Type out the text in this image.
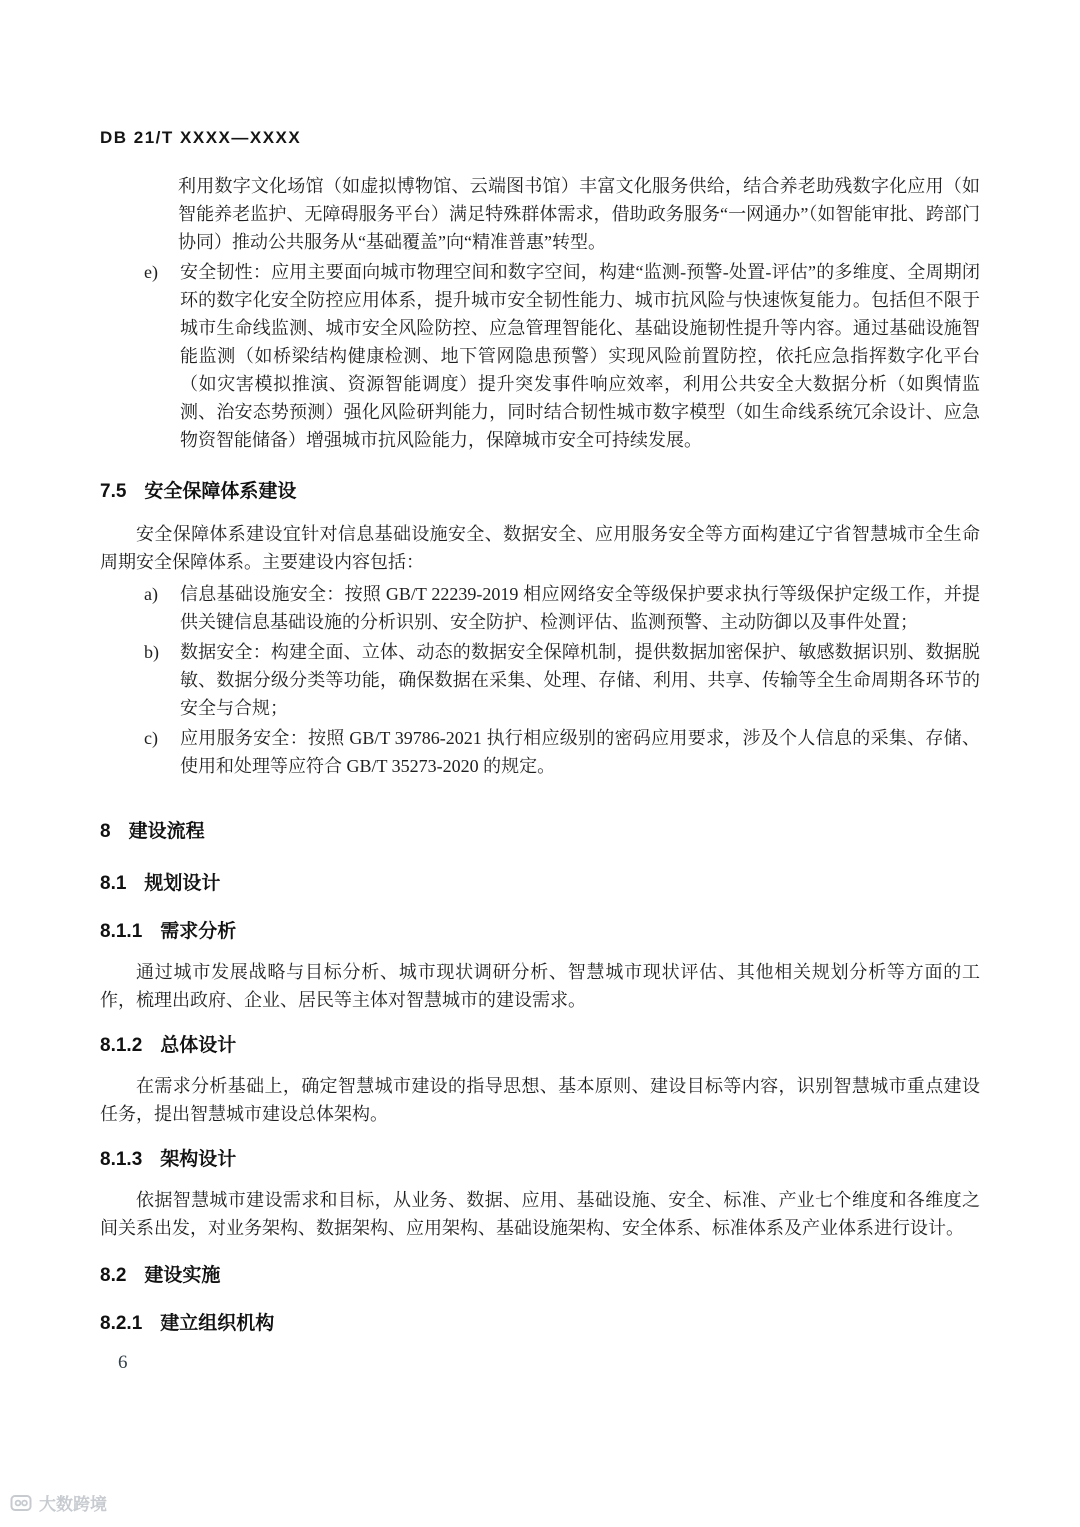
DB 21/T XXXX—XXXX

利用数字文化场馆（如虚拟博物馆、云端图书馆）丰富文化服务供给，结合养老助残数字化应用（如智能养老监护、无障碍服务平台）满足特殊群体需求，借助政务服务“一网通办”（如智能审批、跨部门协同）推动公共服务从“基础覆盖”向“精准普惠”转型。

e)	安全韧性：应用主要面向城市物理空间和数字空间，构建“监测-预警-处置-评估”的多维度、全周期闭环的数字化安全防控应用体系，提升城市安全韧性能力、城市抗风险与快速恢复能力。包括但不限于城市生命线监测、城市安全风险防控、应急管理智能化、基础设施韧性提升等内容。通过基础设施智能监测（如桥梁结构健康检测、地下管网隐患预警）实现风险前置防控，依托应急指挥数字化平台（如灾害模拟推演、资源智能调度）提升突发事件响应效率，利用公共安全大数据分析（如舆情监测、治安态势预测）强化风险研判能力，同时结合韧性城市数字模型（如生命线系统冗余设计、应急物资智能储备）增强城市抗风险能力，保障城市安全可持续发展。
7.5 安全保障体系建设

安全保障体系建设宜针对信息基础设施安全、数据安全、应用服务安全等方面构建辽宁省智慧城市全生命周期安全保障体系。主要建设内容包括：

a)	信息基础设施安全：按照 GB/T 22239-2019 相应网络安全等级保护要求执行等级保护定级工作，并提供关键信息基础设施的分析识别、安全防护、检测评估、监测预警、主动防御以及事件处置；
b)	数据安全：构建全面、立体、动态的数据安全保障机制，提供数据加密保护、敏感数据识别、数据脱敏、数据分级分类等功能，确保数据在采集、处理、存储、利用、共享、传输等全生命周期各环节的安全与合规；
c)	应用服务安全：按照 GB/T 39786-2021 执行相应级别的密码应用要求，涉及个人信息的采集、存储、使用和处理等应符合 GB/T 35273-2020 的规定。
8 建设流程
8.1 规划设计
8.1.1 需求分析

通过城市发展战略与目标分析、城市现状调研分析、智慧城市现状评估、其他相关规划分析等方面的工作，梳理出政府、企业、居民等主体对智慧城市的建设需求。

8.1.2 总体设计

在需求分析基础上，确定智慧城市建设的指导思想、基本原则、建设目标等内容，识别智慧城市重点建设任务，提出智慧城市建设总体架构。

8.1.3 架构设计

依据智慧城市建设需求和目标，从业务、数据、应用、基础设施、安全、标准、产业七个维度和各维度之间关系出发，对业务架构、数据架构、应用架构、基础设施架构、安全体系、标准体系及产业体系进行设计。

8.2 建设实施
8.2.1 建立组织机构
6
大数跨境
